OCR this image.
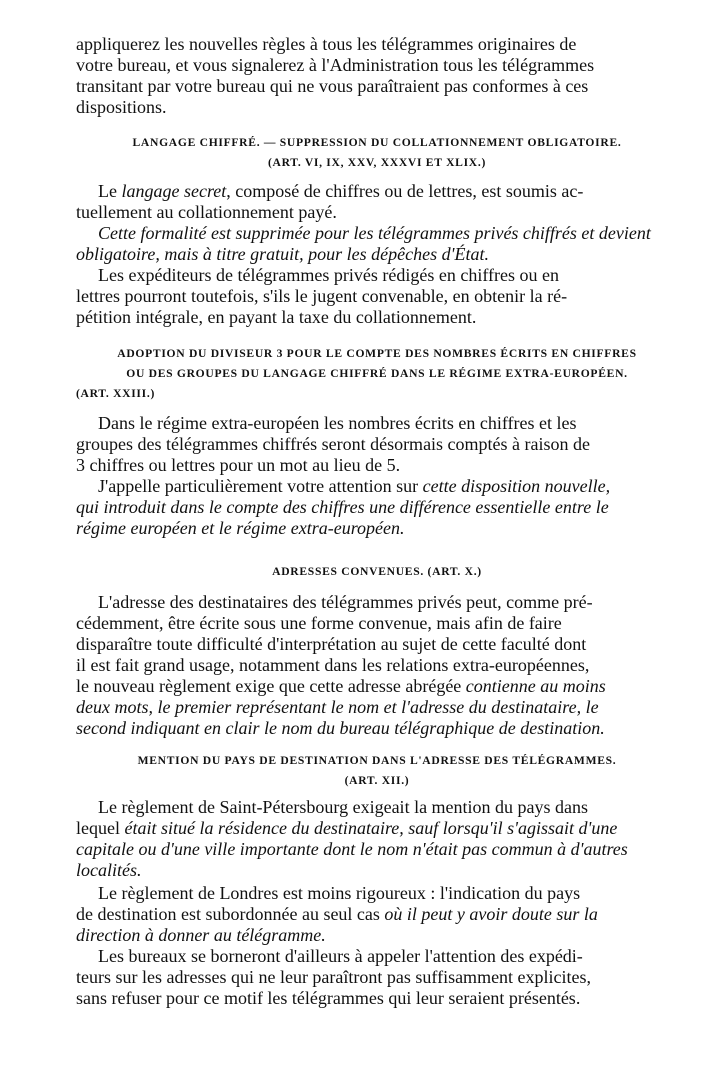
appliquerez les nouvelles règles à tous les télégrammes originaires de
votre bureau, et vous signalerez à l'Administration tous les télégrammes
transitant par votre bureau qui ne vous paraîtraient pas conformes à ces
dispositions.
LANGAGE CHIFFRÉ. — SUPPRESSION DU COLLATIONNEMENT OBLIGATOIRE.
(ART. VI, IX, XXV, XXXVI ET XLIX.)
Le langage secret, composé de chiffres ou de lettres, est soumis ac-
tuellement au collationnement payé.
Cette formalité est supprimée pour les télégrammes privés chiffrés et devient
obligatoire, mais à titre gratuit, pour les dépêches d'État.
Les expéditeurs de télégrammes privés rédigés en chiffres ou en
lettres pourront toutefois, s'ils le jugent convenable, en obtenir la ré-
pétition intégrale, en payant la taxe du collationnement.
ADOPTION DU DIVISEUR 3 POUR LE COMPTE DES NOMBRES ÉCRITS EN CHIFFRES
OU DES GROUPES DU LANGAGE CHIFFRÉ DANS LE RÉGIME EXTRA-EUROPÉEN.
(ART. XXIII.)
Dans le régime extra-européen les nombres écrits en chiffres et les
groupes des télégrammes chiffrés seront désormais comptés à raison de
3 chiffres ou lettres pour un mot au lieu de 5.
J'appelle particulièrement votre attention sur cette disposition nouvelle,
qui introduit dans le compte des chiffres une différence essentielle entre le
régime européen et le régime extra-européen.
ADRESSES CONVENUES. (ART. X.)
L'adresse des destinataires des télégrammes privés peut, comme pré-
cédemment, être écrite sous une forme convenue, mais afin de faire
disparaître toute difficulté d'interprétation au sujet de cette faculté dont
il est fait grand usage, notamment dans les relations extra-européennes,
le nouveau règlement exige que cette adresse abrégée contienne au moins
deux mots, le premier représentant le nom et l'adresse du destinataire, le
second indiquant en clair le nom du bureau télégraphique de destination.
MENTION DU PAYS DE DESTINATION DANS L'ADRESSE DES TÉLÉGRAMMES.
(ART. XII.)
Le règlement de Saint-Pétersbourg exigeait la mention du pays dans
lequel était situé la résidence du destinataire, sauf lorsqu'il s'agissait d'une
capitale ou d'une ville importante dont le nom n'était pas commun à d'autres
localités.
Le règlement de Londres est moins rigoureux : l'indication du pays
de destination est subordonnée au seul cas où il peut y avoir doute sur la
direction à donner au télégramme.
Les bureaux se borneront d'ailleurs à appeler l'attention des expédi-
teurs sur les adresses qui ne leur paraîtront pas suffisamment explicites,
sans refuser pour ce motif les télégrammes qui leur seraient présentés.
